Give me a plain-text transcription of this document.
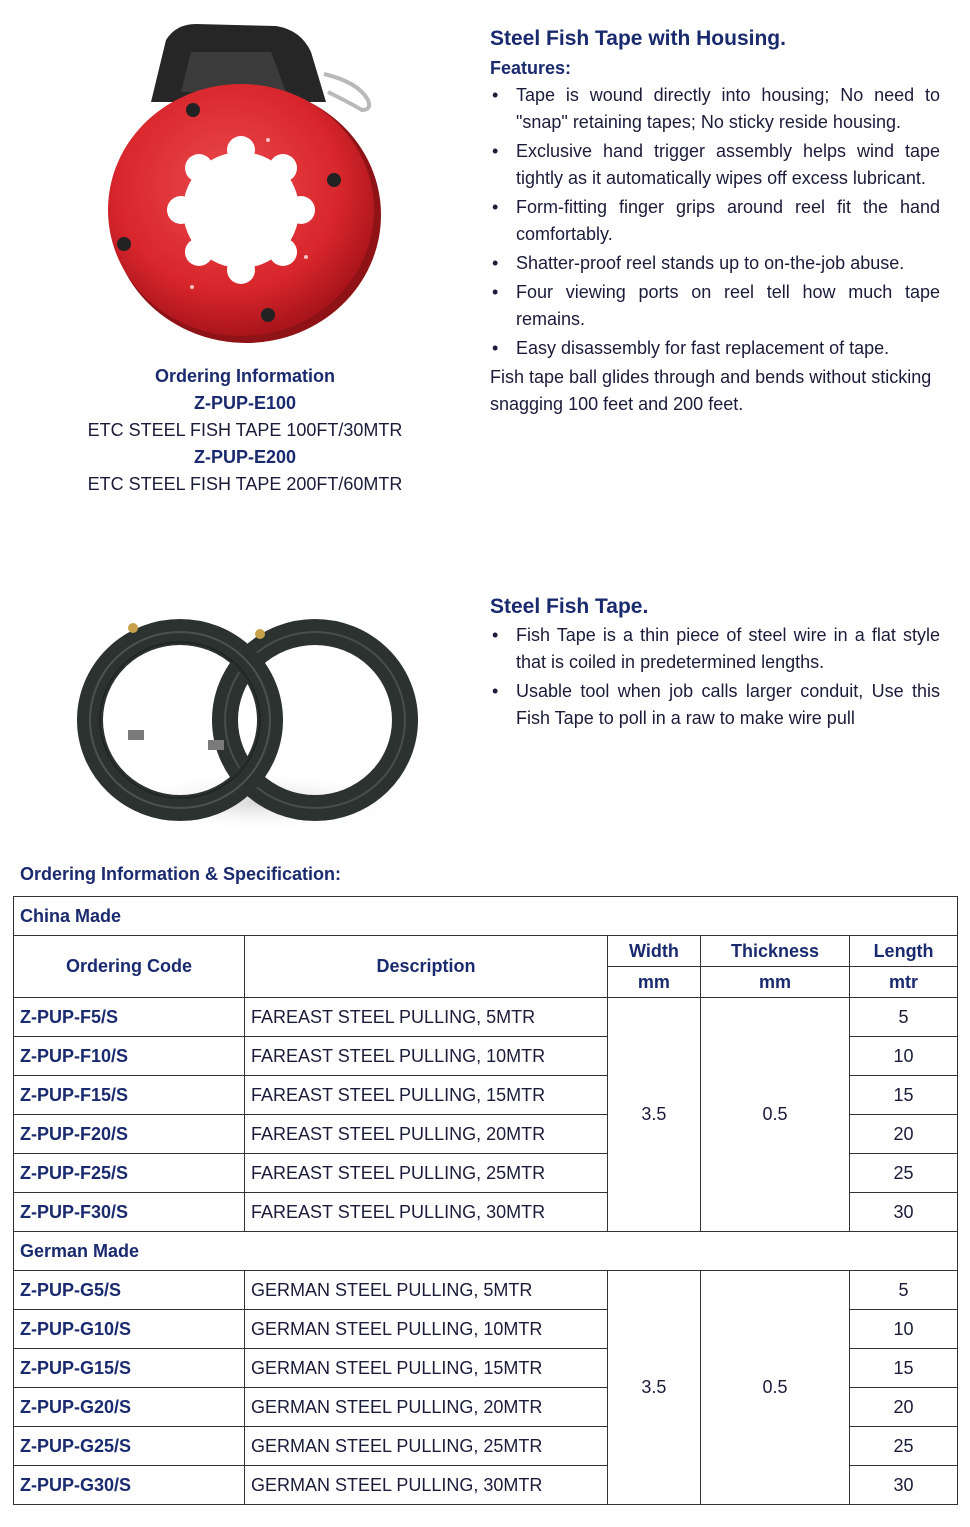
Ordering Information
Z-PUP-E100
ETC STEEL FISH TAPE 100FT/30MTR
Z-PUP-E200
ETC STEEL FISH TAPE 200FT/60MTR
Steel Fish Tape with Housing.
Features:
• Tape is wound directly into housing; No need to "snap" retaining tapes; No sticky reside housing.
• Exclusive hand trigger assembly helps wind tape tightly as it automatically wipes off excess lubricant.
• Form-fitting finger grips around reel fit the hand comfortably.
• Shatter-proof reel stands up to on-the-job abuse.
• Four viewing ports on reel tell how much tape remains.
• Easy disassembly for fast replacement of tape.
Fish tape ball glides through and bends without sticking snagging 100 feet and 200 feet.
Steel Fish Tape.
• Fish Tape is a thin piece of steel wire in a flat style that is coiled in predetermined lengths.
• Usable tool when job calls larger conduit, Use this Fish Tape to poll in a raw to make wire pull
Ordering Information & Specification:
China Made				
Ordering Code	Description	Width	Thickness	Length
		mm	mm	mtr
Z-PUP-F5/S	FAREAST STEEL PULLING, 5MTR	3.5	0.5	5
Z-PUP-F10/S	FAREAST STEEL PULLING, 10MTR			10
Z-PUP-F15/S	FAREAST STEEL PULLING, 15MTR			15
Z-PUP-F20/S	FAREAST STEEL PULLING, 20MTR			20
Z-PUP-F25/S	FAREAST STEEL PULLING, 25MTR			25
Z-PUP-F30/S	FAREAST STEEL PULLING, 30MTR			30
German Made				
Z-PUP-G5/S	GERMAN STEEL PULLING, 5MTR	3.5	0.5	5
Z-PUP-G10/S	GERMAN STEEL PULLING, 10MTR			10
Z-PUP-G15/S	GERMAN STEEL PULLING, 15MTR			15
Z-PUP-G20/S	GERMAN STEEL PULLING, 20MTR			20
Z-PUP-G25/S	GERMAN STEEL PULLING, 25MTR			25
Z-PUP-G30/S	GERMAN STEEL PULLING, 30MTR			30
